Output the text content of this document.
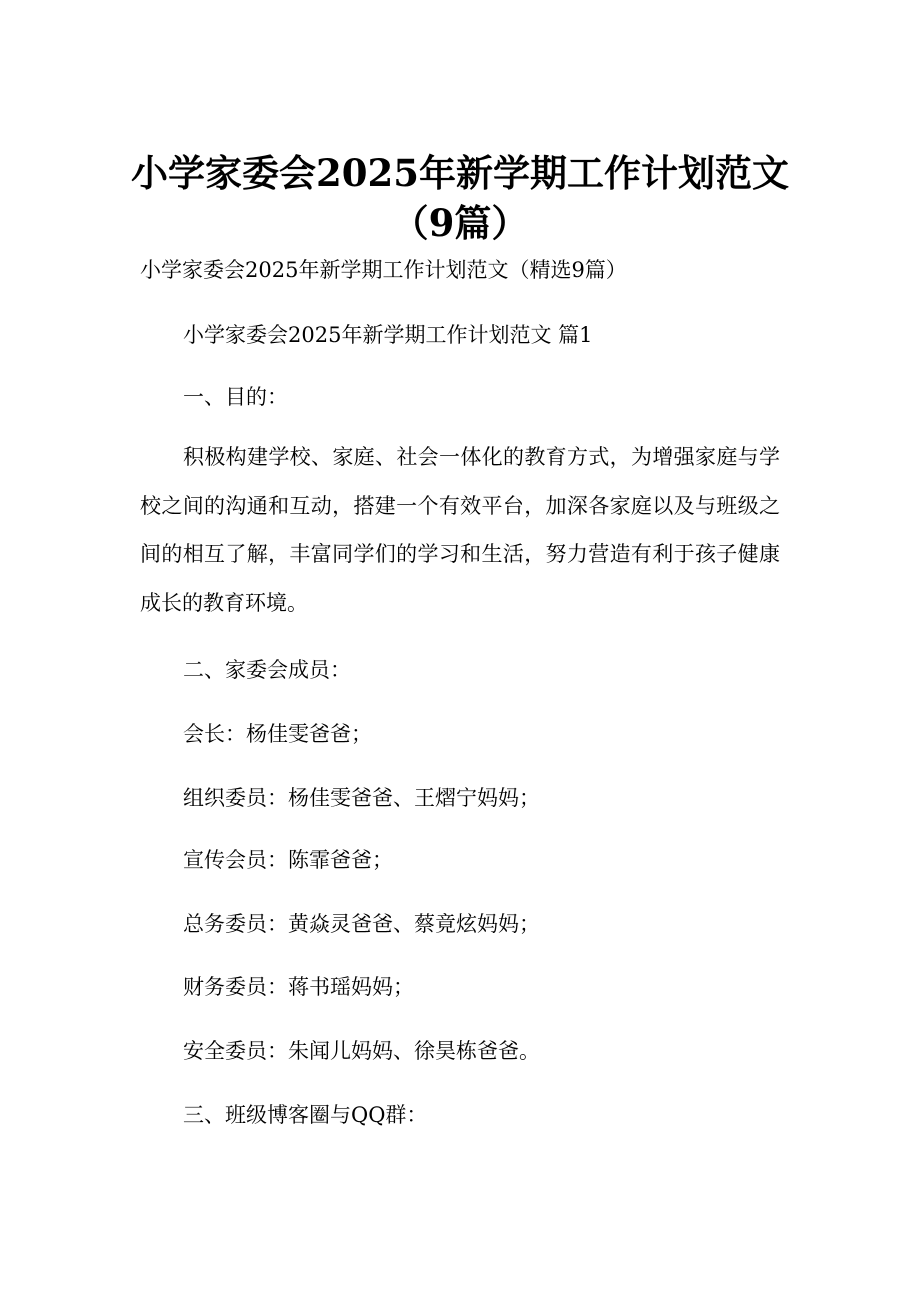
小学家委会2025年新学期工作计划范文
（9篇）
小学家委会2025年新学期工作计划范文（精选9篇）
小学家委会2025年新学期工作计划范文 篇1
一、目的：
积极构建学校、家庭、社会一体化的教育方式，为增强家庭与学校之间的沟通和互动，搭建一个有效平台，加深各家庭以及与班级之间的相互了解，丰富同学们的学习和生活，努力营造有利于孩子健康成长的教育环境。
二、家委会成员：
会长：杨佳雯爸爸；
组织委员：杨佳雯爸爸、王熠宁妈妈；
宣传会员：陈霏爸爸；
总务委员：黄焱灵爸爸、蔡竟炫妈妈；
财务委员：蒋书瑶妈妈；
安全委员：朱闻儿妈妈、徐昊栋爸爸。
三、班级博客圈与QQ群：
